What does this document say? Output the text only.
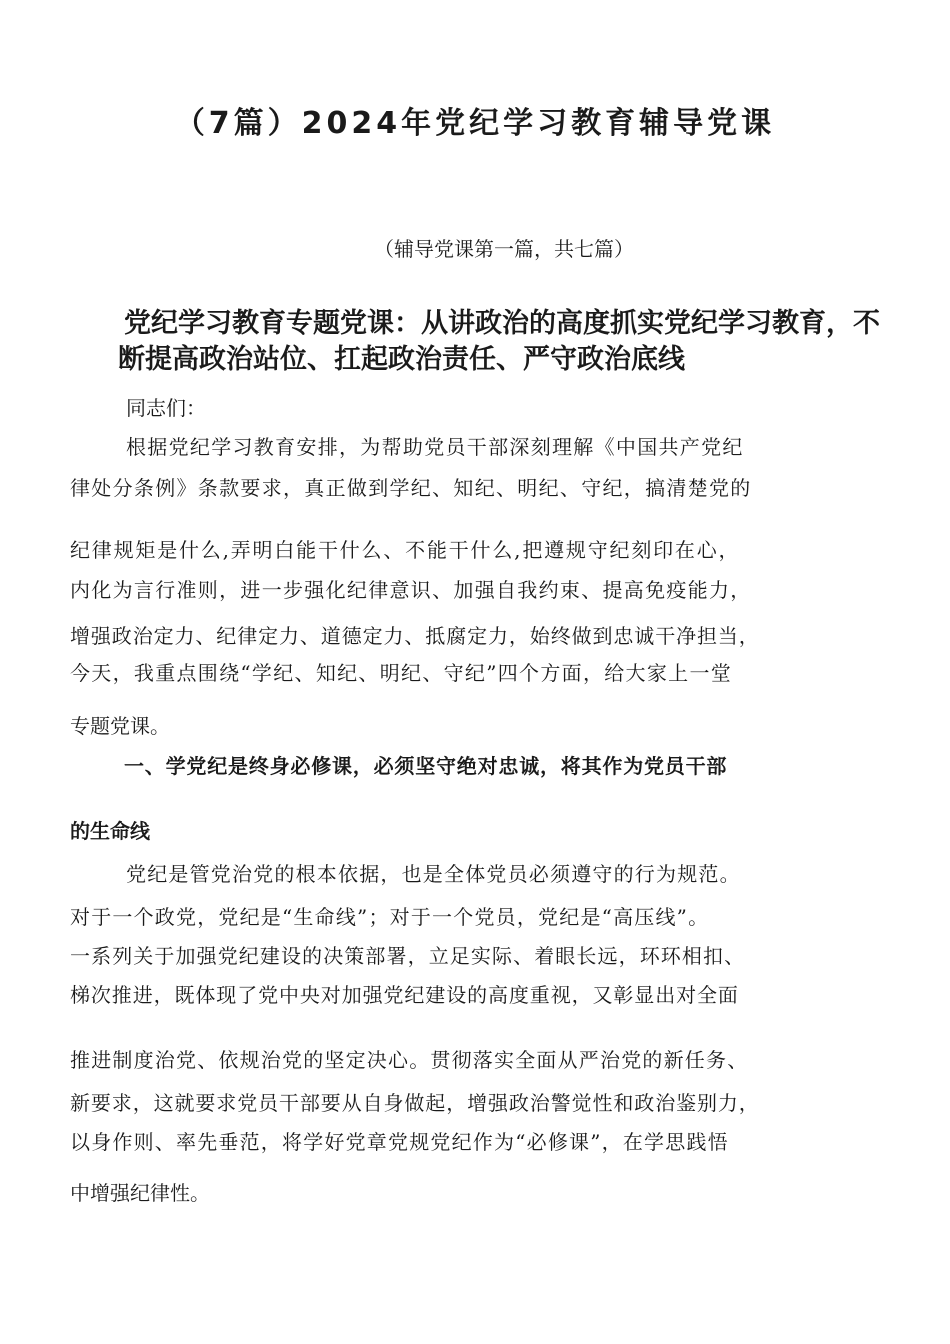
（7篇）2024年党纪学习教育辅导党课

（辅导党课第一篇，共七篇）

党纪学习教育专题党课：从讲政治的高度抓实党纪学习教育，不断提高政治站位、扛起政治责任、严守政治底线

同志们：

根据党纪学习教育安排，为帮助党员干部深刻理解《中国共产党纪

律处分条例》条款要求，真正做到学纪、知纪、明纪、守纪，搞清楚党的

纪律规矩是什么,弄明白能干什么、不能干什么,把遵规守纪刻印在心，

内化为言行准则，进一步强化纪律意识、加强自我约束、提高免疫能力，

增强政治定力、纪律定力、道德定力、抵腐定力，始终做到忠诚干净担当，

今天，我重点围绕“学纪、知纪、明纪、守纪”四个方面，给大家上一堂

专题党课。

一、学党纪是终身必修课，必须坚守绝对忠诚，将其作为党员干部

的生命线

党纪是管党治党的根本依据，也是全体党员必须遵守的行为规范。

对于一个政党，党纪是“生命线”；对于一个党员，党纪是“高压线”。

一系列关于加强党纪建设的决策部署，立足实际、着眼长远，环环相扣、

梯次推进，既体现了党中央对加强党纪建设的高度重视，又彰显出对全面

推进制度治党、依规治党的坚定决心。贯彻落实全面从严治党的新任务、

新要求，这就要求党员干部要从自身做起，增强政治警觉性和政治鉴别力，

以身作则、率先垂范，将学好党章党规党纪作为“必修课”，在学思践悟

中增强纪律性。
